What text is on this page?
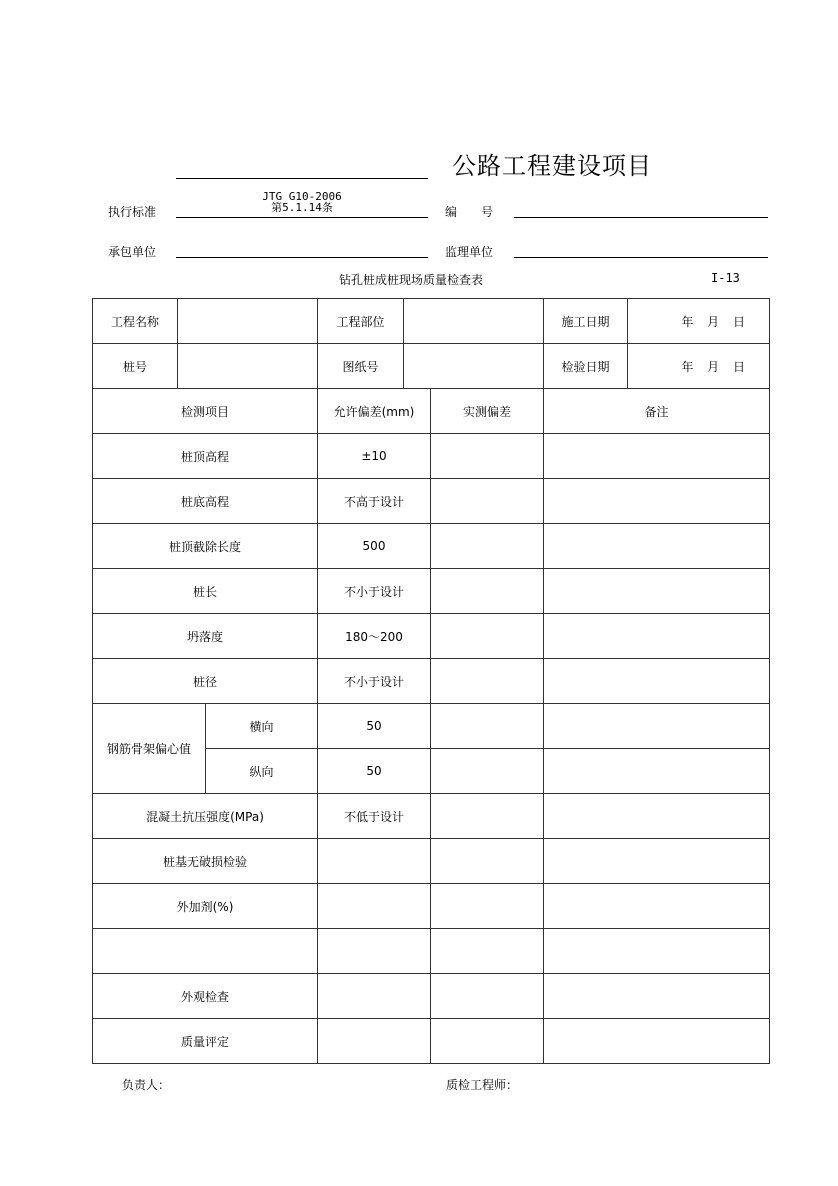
公路工程建设项目
执行标准
JTG G10-2006
第5.1.14条	编　　号
承包单位	监理单位
钻孔桩成桩现场质量检查表	I-13
工程名称			工程部位			施工日期	年 月 日
桩号			图纸号			检验日期	年 月 日
检测项目			允许偏差(mm)		实测偏差	备注	
桩顶高程			±10				
桩底高程			不高于设计				
桩顶截除长度			500				
桩长			不小于设计				
坍落度			180～200				
桩径			不小于设计				
钢筋骨架偏心值		横向	50				
		纵向	50				
混凝土抗压强度(MPa)			不低于设计				
桩基无破损检验							
外加剂(%)							

外观检查							
质量评定							
负责人：	质检工程师：
